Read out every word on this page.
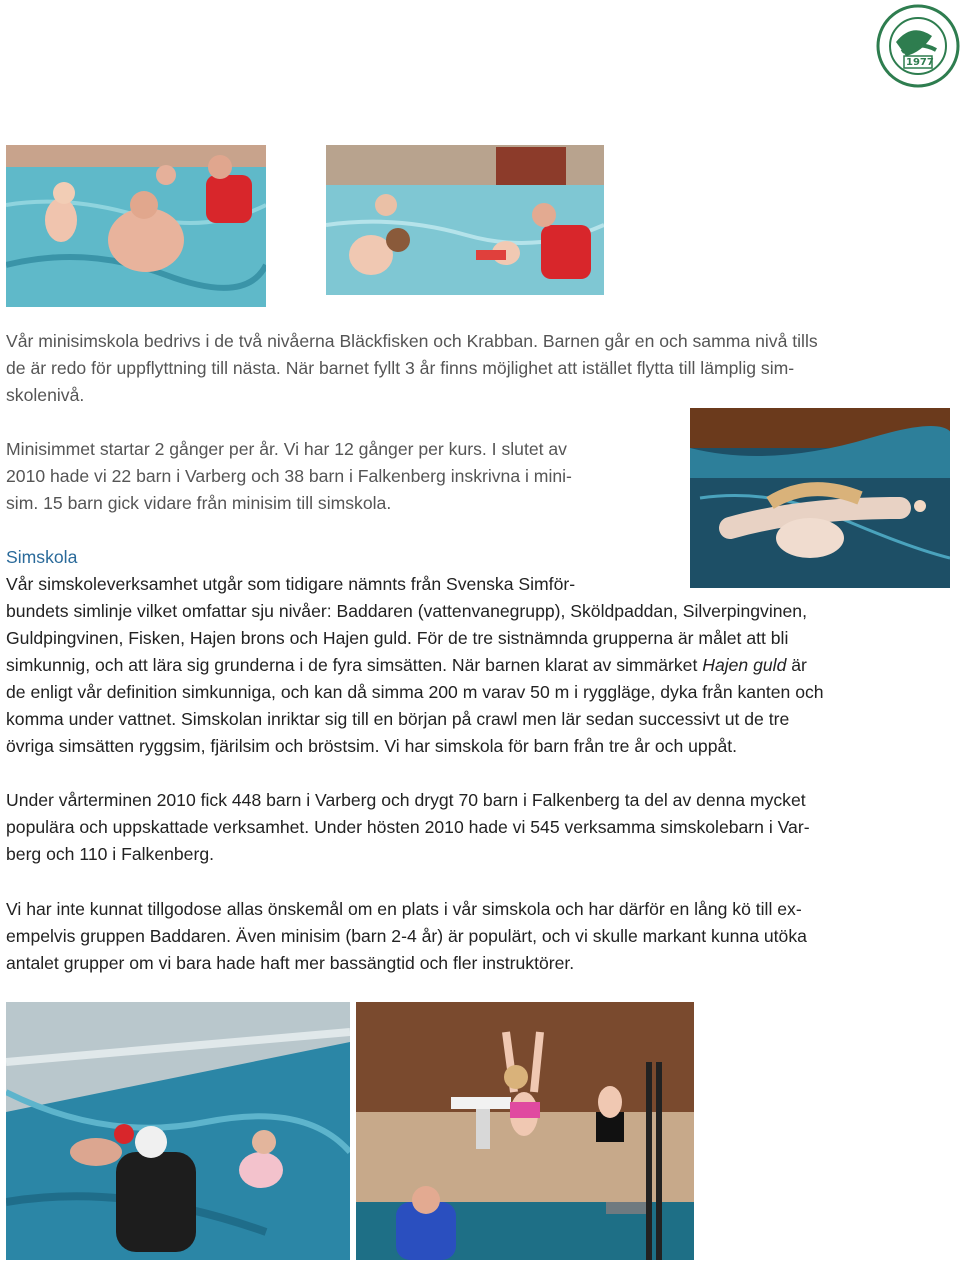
1977

Vår minisimskola bedrivs i de två nivåerna Bläckfisken och Krabban. Barnen går en och samma nivå tills
de är redo för uppflyttning till nästa. När barnet fyllt 3 år finns möjlighet att istället flytta till lämplig sim-
skolenivå.

Minisimmet startar 2 gånger per år. Vi har 12 gånger per kurs. I slutet av
2010 hade vi 22 barn i Varberg och 38 barn i Falkenberg inskrivna i mini-
sim. 15 barn gick vidare från minisim till simskola.

Simskola

Vår simskoleverksamhet utgår som tidigare nämnts från Svenska Simför-
bundets simlinje vilket omfattar sju nivåer: Baddaren (vattenvanegrupp), Sköldpaddan, Silverpingvinen,
Guldpingvinen, Fisken, Hajen brons och Hajen guld. För de tre sistnämnda grupperna är målet att bli
simkunnig, och att lära sig grunderna i de fyra simsätten. När barnen klarat av simmärket Hajen guld är
de enligt vår definition simkunniga, och kan då simma 200 m varav 50 m i ryggläge, dyka från kanten och
komma under vattnet. Simskolan inriktar sig till en början på crawl men lär sedan successivt ut de tre
övriga simsätten ryggsim, fjärilsim och bröstsim. Vi har simskola för barn från tre år och uppåt.

Under vårterminen 2010 fick 448 barn i Varberg och drygt 70 barn i Falkenberg ta del av denna mycket
populära och uppskattade verksamhet. Under hösten 2010 hade vi 545 verksamma simskolebarn i Var-
berg och 110 i Falkenberg.

Vi har inte kunnat tillgodose allas önskemål om en plats i vår simskola och har därför en lång kö till ex-
empelvis gruppen Baddaren. Även minisim (barn 2-4 år) är populärt, och vi skulle markant kunna utöka
antalet grupper om vi bara hade haft mer bassängtid och fler instruktörer.
